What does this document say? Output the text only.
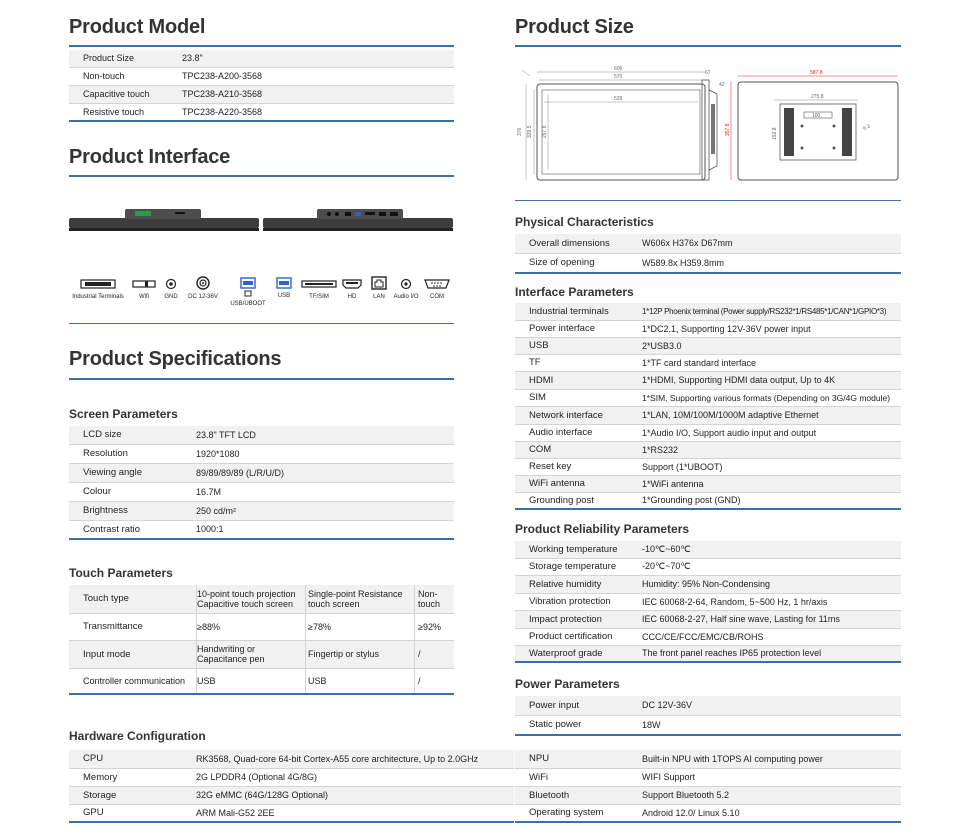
Product Model
Product Size	23.8"
Non-touch	TPC238-A200-3568
Capacitive touch	TPC238-A210-3568
Resistive touch	TPC238-A220-3568
Product Interface
Industrial Terminals	Wifi	GND	DC 12-36V
USB/UBOOT
USB	TF/SIM	HD	LAN	Audio I/O	COM
Product Specifications
Screen Parameters
LCD size	23.8" TFT LCD
Resolution	1920*1080
Viewing angle	89/89/89/89 (L/R/U/D)
Colour	16.7M
Brightness	250 cd/m²
Contrast ratio	1000:1
Touch Parameters
Touch type	10-point touch projection Capacitive touch screen	Single-point Resistance touch screen	Non-touch
Transmittance	≥88%	≥78%	≥92%
Input mode	Handwriting or Capacitance pen	Fingertip or stylus	/
Controller communication	USB	USB	/
Hardware Configuration
CPU	RK3568, Quad-core 64-bit Cortex-A55 core architecture, Up to 2.0GHz
Memory	2G LPDDR4 (Optional 4G/8G)
Storage	32G eMMC (64G/128G Optional)
GPU	ARM Mali-G52 2EE
Product Size
606
570
528
376 339.5 297.8
67
42
587.8
275.8
100
357.8	192.8	6.3
Physical Characteristics
Overall dimensions	W606x H376x D67mm
Size of opening	W589.8x H359.8mm
Interface Parameters
Industrial terminals	1*12P Phoenix terminal (Power supply/RS232*1/RS485*1/CAN*1/GPIO*3)
Power interface	1*DC2.1, Supporting 12V-36V power input
USB	2*USB3.0
TF	1*TF card standard interface
HDMI	1*HDMI, Supporting HDMI data output, Up to 4K
SIM	1*SIM, Supporting various formats (Depending on 3G/4G module)
Network interface	1*LAN, 10M/100M/1000M adaptive Ethernet
Audio interface	1*Audio I/O, Support audio input and output
COM	1*RS232
Reset key	Support (1*UBOOT)
WiFi antenna	1*WiFi antenna
Grounding post	1*Grounding post (GND)
Product Reliability Parameters
Working temperature	-10℃~60℃
Storage temperature	-20℃~70℃
Relative humidity	Humidity: 95% Non-Condensing
Vibration protection	IEC 60068-2-64, Random, 5~500 Hz, 1 hr/axis
Impact protection	IEC 60068-2-27, Half sine wave, Lasting for 11ms
Product certification	CCC/CE/FCC/EMC/CB/ROHS
Waterproof grade	The front panel reaches IP65 protection level
Power Parameters
Power input	DC 12V-36V
Static power	18W
NPU	Built-in NPU with 1TOPS AI computing power
WiFi	WIFI Support
Bluetooth	Support Bluetooth 5.2
Operating system	Android 12.0/ Linux 5.10
